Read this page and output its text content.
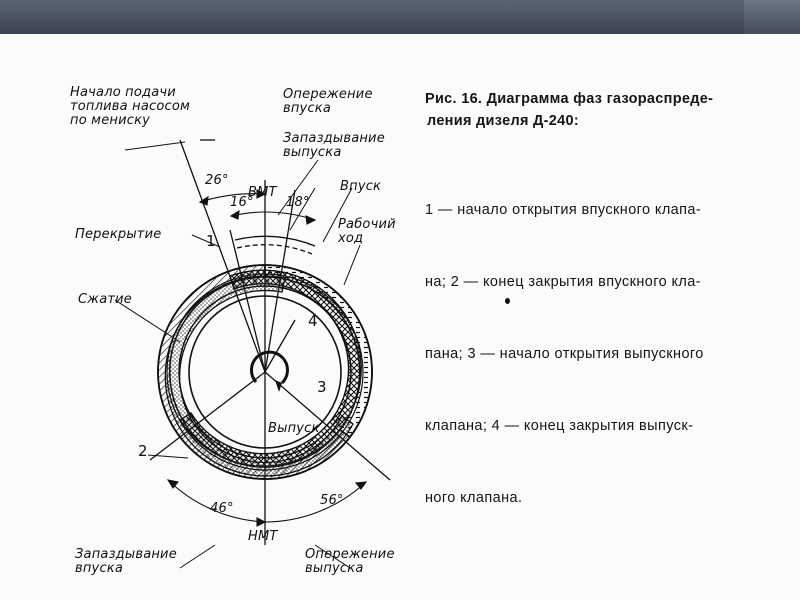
Начало подачи
топлива насосом
по мениску
Опережение
впуска
Запаздывание
выпуска
Впуск
Рабочий
ход
Перекрытие
Сжатие
Выпуск
ВМТ
НМТ
Запаздывание
впуска
Опережение
выпуска
26°
16° 18°
46°
56°
1
2
3
4
Рис. 16. Диаграмма фаз газораспреде-
ления дизеля Д-240:

1 — начало открытия впускного клапа-

на; 2 — конец закрытия впускного кла-

пана; 3 — начало открытия выпускного

клапана; 4 — конец закрытия выпуск-

ного клапана.
